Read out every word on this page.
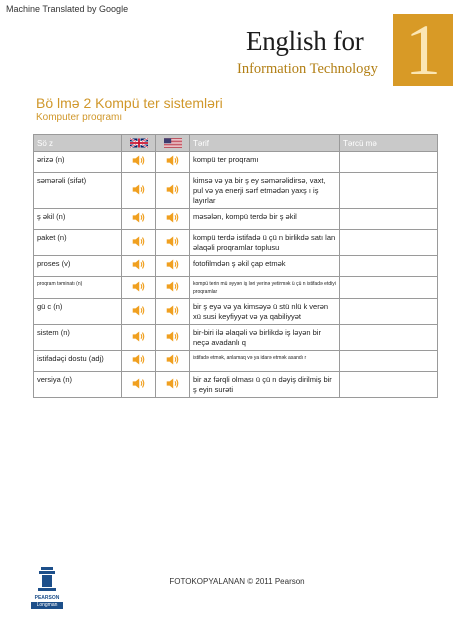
Machine Translated by Google
English for
Information Technology 1
Bö lmə 2 Kompü ter sistemləri
Komputer proqramı
Sö z			Tərif	Tərcü mə
ərizə (n)			kompü ter proqramı	
səmərəli (sifət)			kimsə və ya bir ş ey səmərəlidirsə, vaxt, pul və ya enerji sərf etmədən yaxş ı iş layırlar	
ş əkil (n)			məsələn, kompü terdə bir ş əkil	
paket (n)			kompü terdə istifadə ü çü n birlikdə satı lan əlaqəli proqramlar toplusu	
proses (v)			fotofilmdən ş əkil çap etmək	
proqram təminatı (n)			kompü terin mü əyyən iş ləri yerinə yetirmək ü çü n istifadə etdiyi proqramlar	
gü c (n)			bir ş eyə və ya kimsəyə ü stü nlü k verən xü susi keyfiyyət və ya qabiliyyət	
sistem (n)			bir-biri ilə əlaqəli və birlikdə iş ləyən bir neçə avadanlı q	
istifadəçi dostu (adj)			istifadə etmək, anlamaq və ya idarə etmək asandı r	
versiya (n)			bir az fərqli olması ü çü n dəyiş dirilmiş bir ş eyin surəti	
PEARSON
Longman
FOTOKOPYALANAN © 2011 Pearson
